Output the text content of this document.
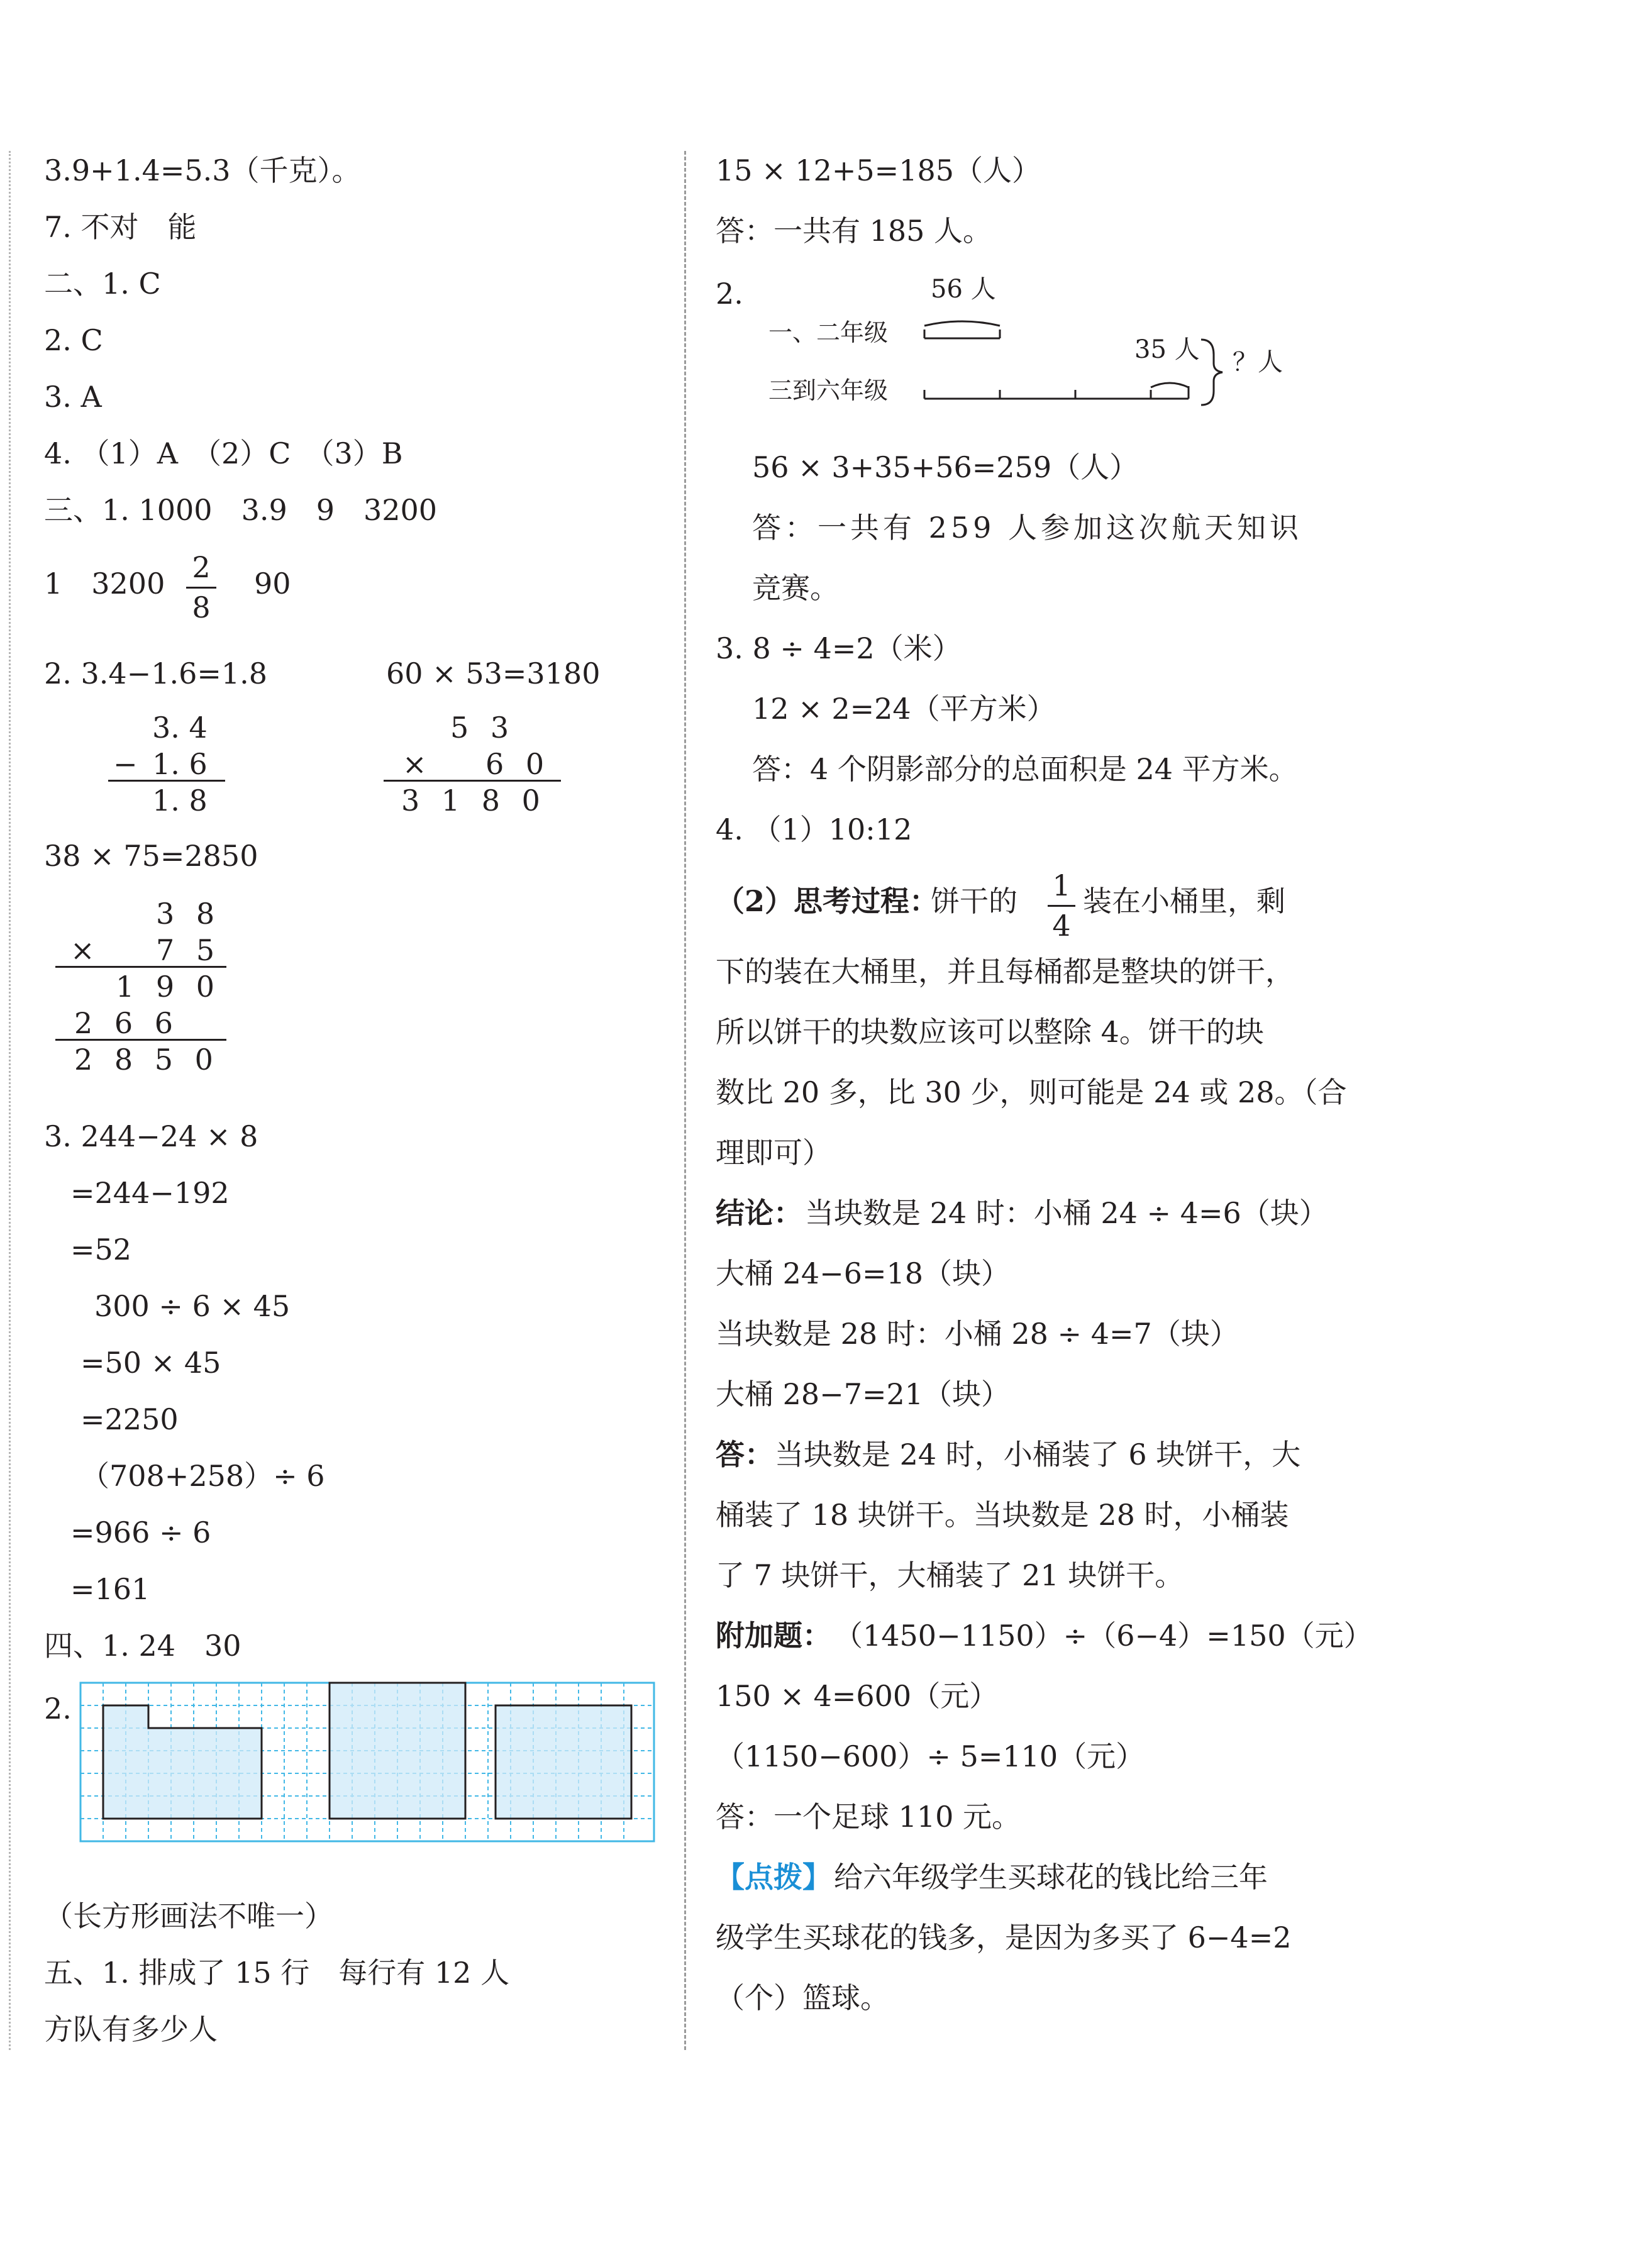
3.9+1.4=5.3（千克）。
7. 不对　能
二、1. C
2. C
3. A
4. （1）A　（2）C　（3）B
三、1. 1000　3.9　9　3200
1　3200 2
8
90
2. 3.4−1.6=1.8	60 × 53=3180
3. 4
− 1. 6
1. 8
5 3
× 6 0
3 1 8 0
38 × 75=2850
3 8
× 7 5
1 9 0
2 6 6
2 8 5 0
3. 244−24 × 8
=244−192
=52
300 ÷ 6 × 45
=50 × 45
=2250
（708+258）÷ 6
=966 ÷ 6
=161
四、1. 24　30
2.
（长方形画法不唯一）
五、1. 排成了 15 行　每行有 12 人
方队有多少人
15 × 12+5=185（人）
答：一共有 185 人。
2.	56 人
一、二年级
三到六年级
35 人 ？人
56 × 3+35+56=259（人）
答：一共有 259 人参加这次航天知识
竞赛。
3. 8 ÷ 4=2（米）
12 × 2=24（平方米）
答：4 个阴影部分的总面积是 24 平方米。
4. （1）10:12
（2）思考过程：
饼干的 1
4
装在小桶里，剩
下的装在大桶里，并且每桶都是整块的饼干，
所以饼干的块数应该可以整除 4。饼干的块
数比 20 多，比 30 少，则可能是 24 或 28。（合
理即可）
结论： 当块数是 24 时：小桶 24 ÷ 4=6（块）
大桶 24−6=18（块）
当块数是 28 时：小桶 28 ÷ 4=7（块）
大桶 28−7=21（块）
答： 当块数是 24 时，小桶装了 6 块饼干，大
桶装了 18 块饼干。当块数是 28 时，小桶装
了 7 块饼干，大桶装了 21 块饼干。
附加题： （1450−1150）÷（6−4）=150（元）
150 × 4=600（元）
（1150−600）÷ 5=110（元）
答：一个足球 110 元。
【点拨】 给六年级学生买球花的钱比给三年
级学生买球花的钱多，是因为多买了 6−4=2
（个）篮球。
